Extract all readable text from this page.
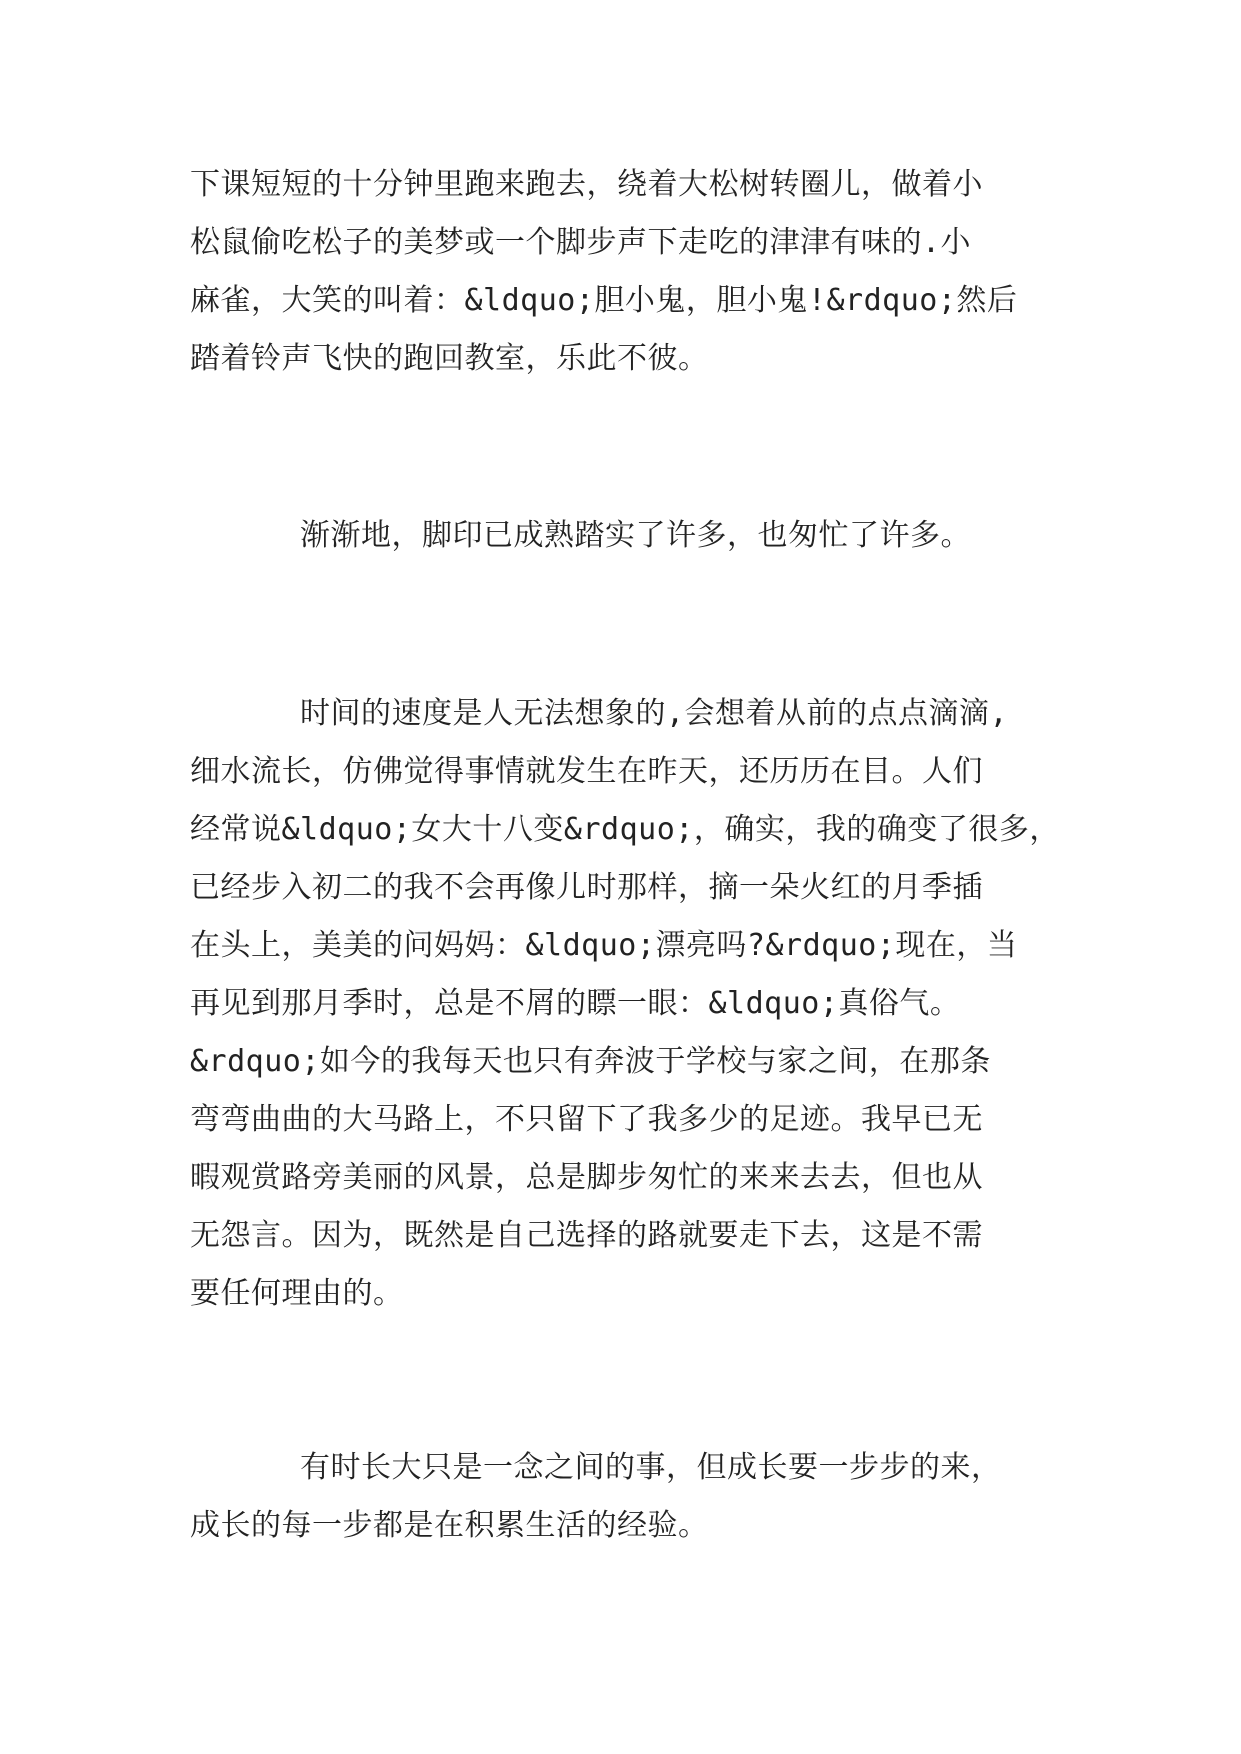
下课短短的十分钟里跑来跑去，绕着大松树转圈儿，做着小
松鼠偷吃松子的美梦或一个脚步声下走吃的津津有味的.小
麻雀，大笑的叫着：&ldquo;胆小鬼，胆小鬼!&rdquo;然后
踏着铃声飞快的跑回教室，乐此不彼。
渐渐地，脚印已成熟踏实了许多，也匆忙了许多。
时间的速度是人无法想象的,会想着从前的点点滴滴,
细水流长，仿佛觉得事情就发生在昨天，还历历在目。人们
经常说&ldquo;女大十八变&rdquo;，确实，我的确变了很多，
已经步入初二的我不会再像儿时那样，摘一朵火红的月季插
在头上，美美的问妈妈：&ldquo;漂亮吗?&rdquo;现在，当
再见到那月季时，总是不屑的瞟一眼：&ldquo;真俗气。
&rdquo;如今的我每天也只有奔波于学校与家之间，在那条
弯弯曲曲的大马路上，不只留下了我多少的足迹。我早已无
暇观赏路旁美丽的风景，总是脚步匆忙的来来去去，但也从
无怨言。因为，既然是自己选择的路就要走下去，这是不需
要任何理由的。
有时长大只是一念之间的事，但成长要一步步的来，
成长的每一步都是在积累生活的经验。
